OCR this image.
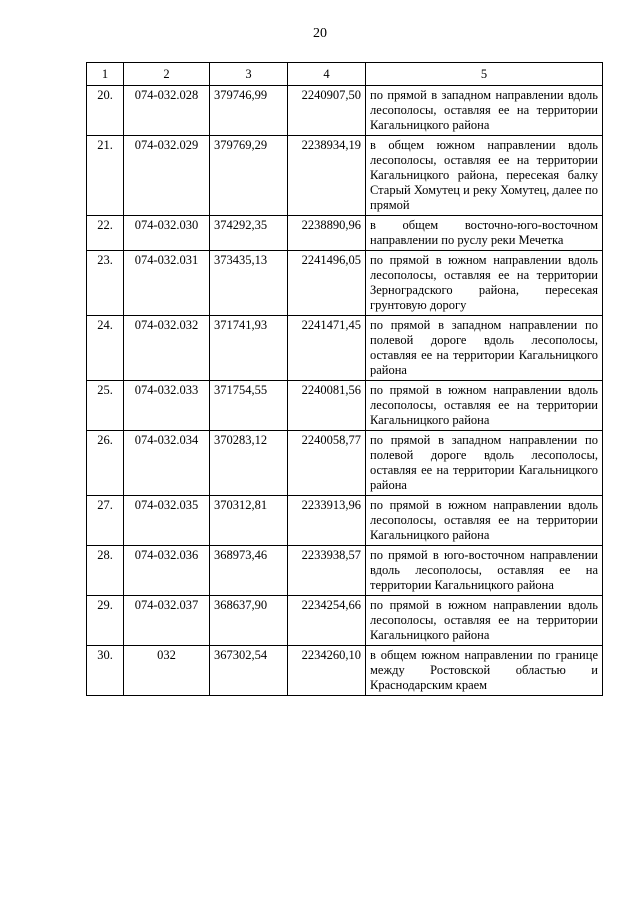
20
1	2	3	4	5
20.	074-032.028	379746,99	2240907,50	по прямой в западном направлении вдоль лесополосы, оставляя ее на территории Кагальницкого района
21.	074-032.029	379769,29	2238934,19	в общем южном направлении вдоль лесополосы, оставляя ее на территории Кагальницкого района, пересекая балку Старый Хомутец и реку Хомутец, далее по прямой
22.	074-032.030	374292,35	2238890,96	в общем восточно-юго-восточном направлении по руслу реки Мечетка
23.	074-032.031	373435,13	2241496,05	по прямой в южном направлении вдоль лесополосы, оставляя ее на территории Зерноградского района, пересекая грунтовую дорогу
24.	074-032.032	371741,93	2241471,45	по прямой в западном направлении по полевой дороге вдоль лесополосы, оставляя ее на территории Кагальницкого района
25.	074-032.033	371754,55	2240081,56	по прямой в южном направлении вдоль лесополосы, оставляя ее на территории Кагальницкого района
26.	074-032.034	370283,12	2240058,77	по прямой в западном направлении по полевой дороге вдоль лесополосы, оставляя ее на территории Кагальницкого района
27.	074-032.035	370312,81	2233913,96	по прямой в южном направлении вдоль лесополосы, оставляя ее на территории Кагальницкого района
28.	074-032.036	368973,46	2233938,57	по прямой в юго-восточном направлении вдоль лесополосы, оставляя ее на территории Кагальницкого района
29.	074-032.037	368637,90	2234254,66	по прямой в южном направлении вдоль лесополосы, оставляя ее на территории Кагальницкого района
30.	032	367302,54	2234260,10	в общем южном направлении по границе между Ростовской областью и Краснодарским краем
